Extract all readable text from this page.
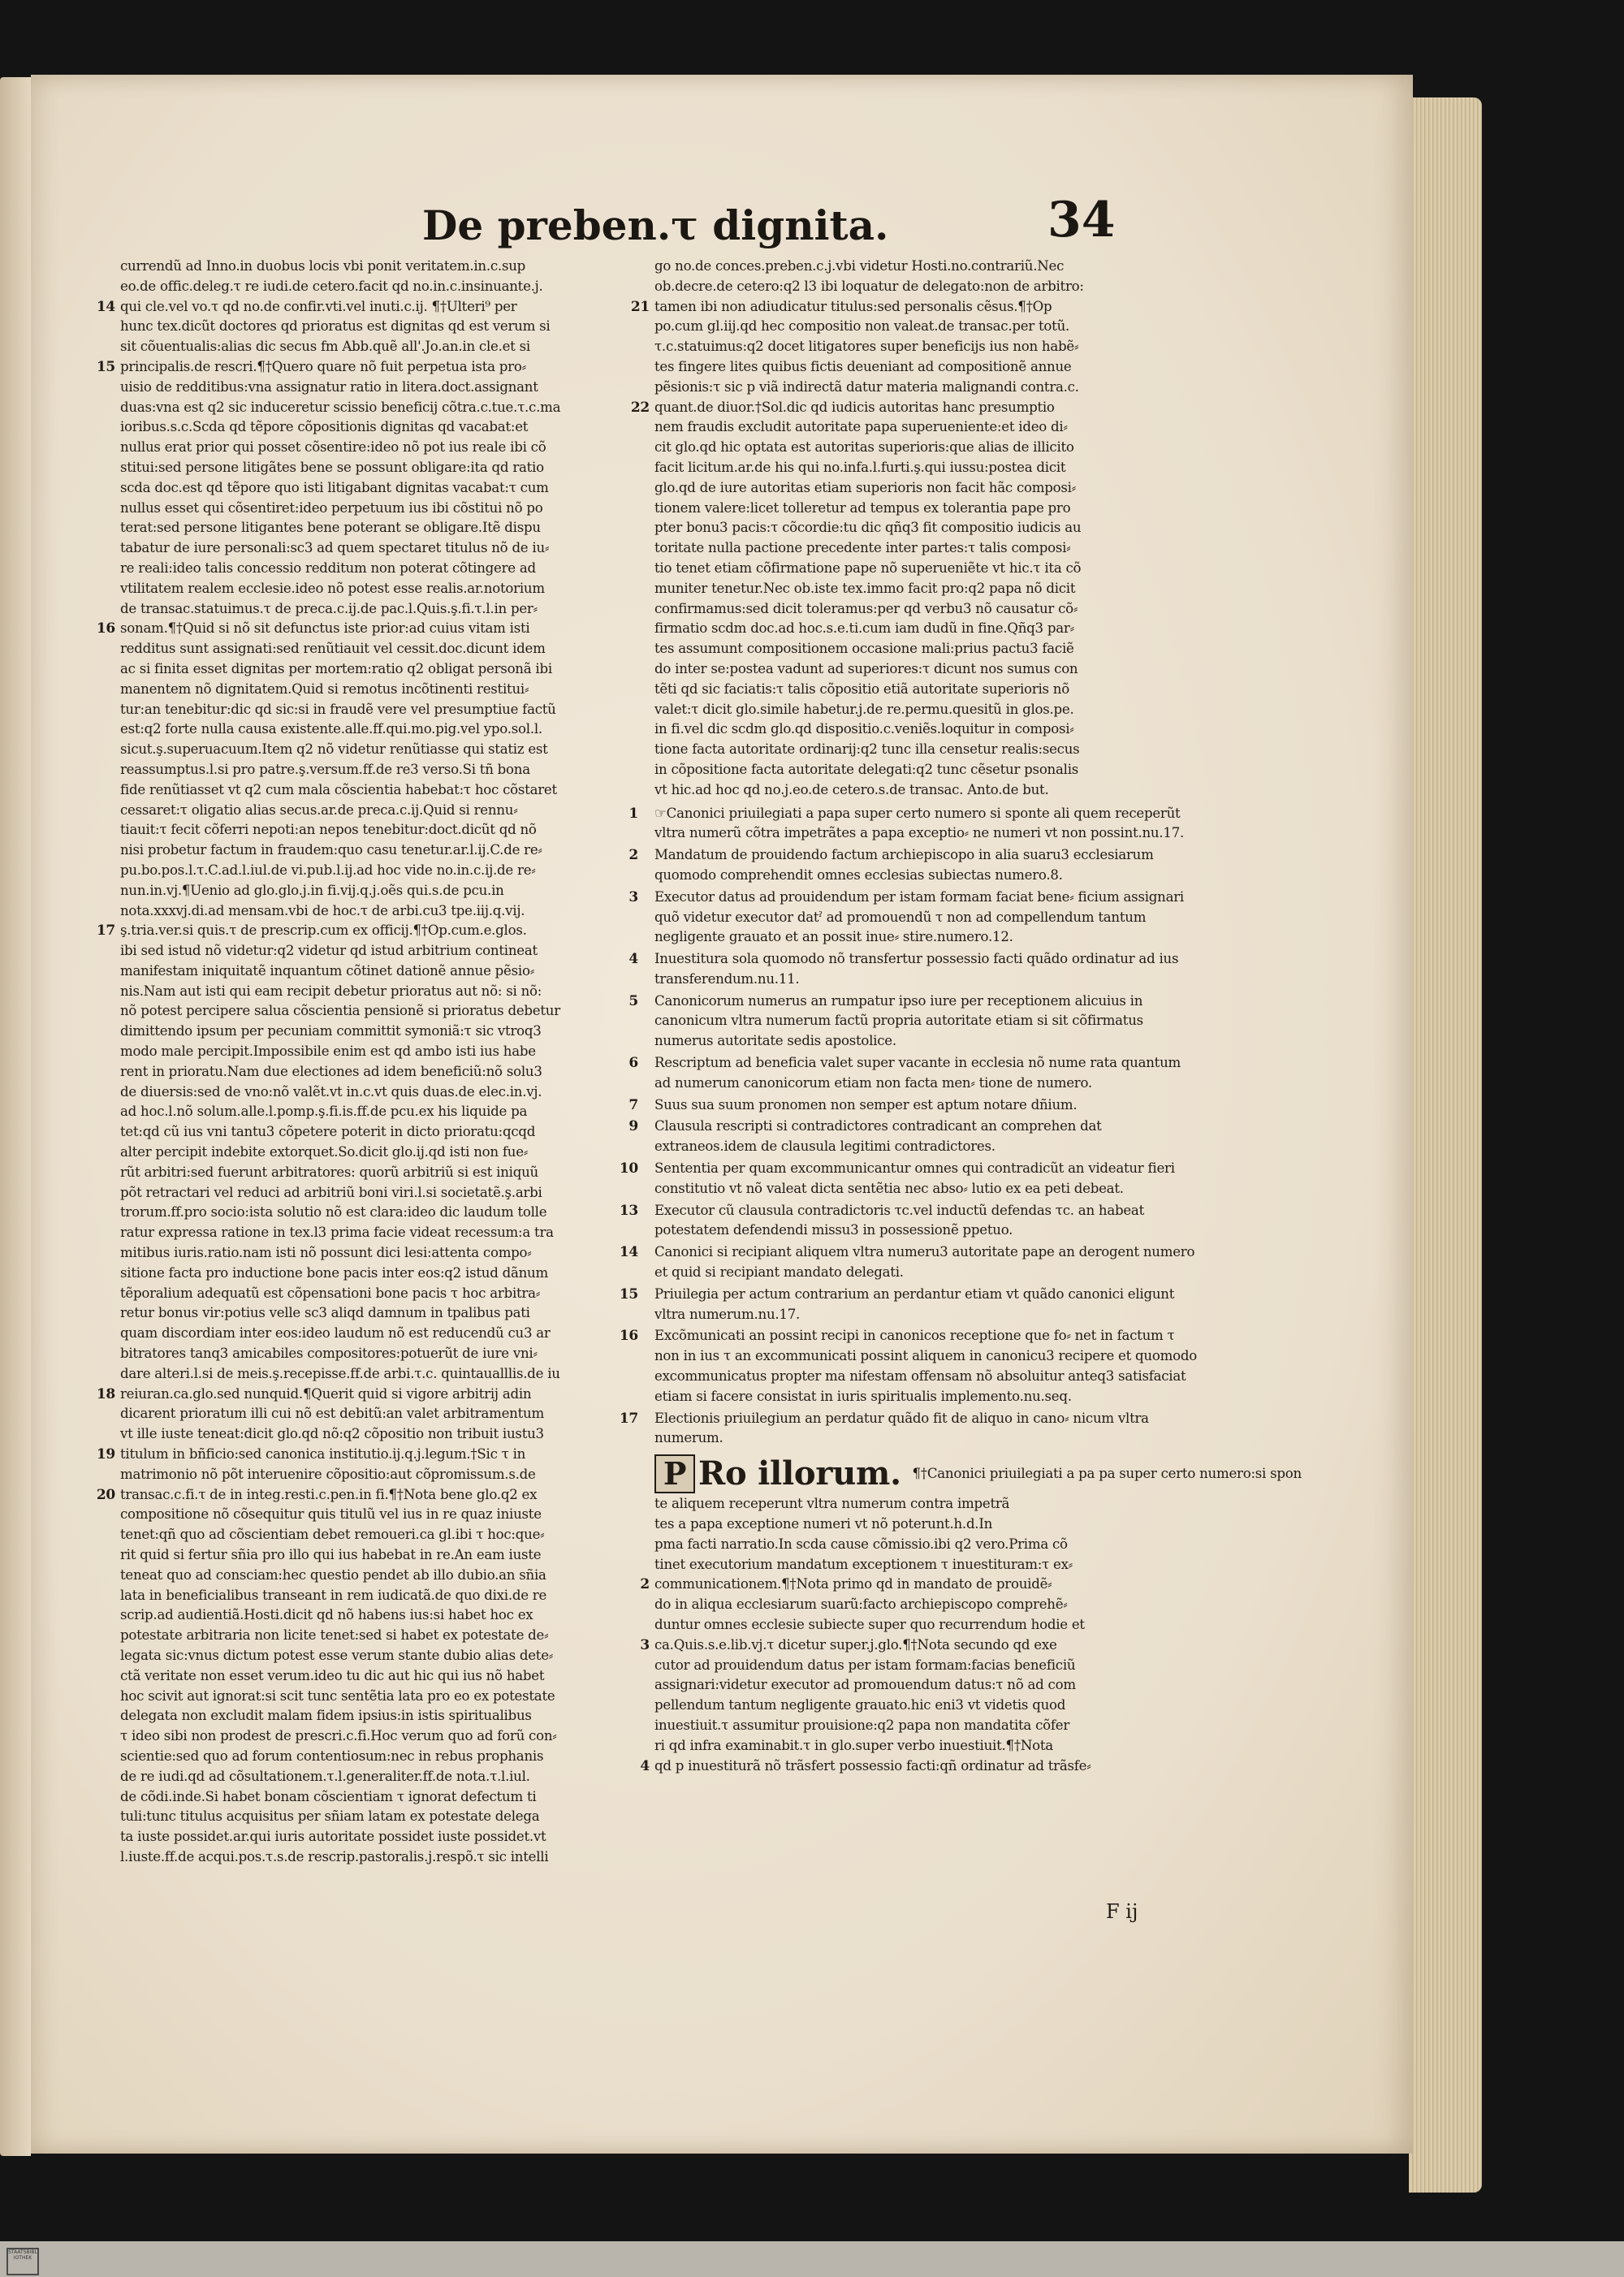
De preben.τ dignita.	34
currendũ ad Inno.in duobus locis vbi ponit veritatem.in.c.sup
eo.de offic.deleg.τ re iudi.de cetero.facit qd no.in.c.insinuante.j.
14 qui cle.vel vo.τ qd no.de confir.vti.vel inuti.c.ij. ¶†Ulteri⁹ per
hunc tex.dicũt doctores qd prioratus est dignitas qd est verum si
sit cõuentualis:alias dic secus fm Abb.quẽ all'.Jo.an.in cle.et si
15 principalis.de rescri.¶†Quero quare nõ fuit perpetua ista pro⸗
uisio de redditibus:vna assignatur ratio in litera.doct.assignant
duas:vna est q2 sic induceretur scissio beneficij cõtra.c.tue.τ.c.ma
ioribus.s.c.Scda qd tẽpore cõpositionis dignitas qd vacabat:et
nullus erat prior qui posset cõsentire:ideo nõ pot ius reale ibi cõ
stitui:sed persone litigãtes bene se possunt obligare:ita qd ratio
scda doc.est qd tẽpore quo isti litigabant dignitas vacabat:τ cum
nullus esset qui cõsentiret:ideo perpetuum ius ibi cõstitui nõ po
terat:sed persone litigantes bene poterant se obligare.Itẽ dispu
tabatur de iure personali:sc3 ad quem spectaret titulus nõ de iu⸗
re reali:ideo talis concessio redditum non poterat cõtingere ad
vtilitatem realem ecclesie.ideo nõ potest esse realis.ar.notorium
de transac.statuimus.τ de preca.c.ij.de pac.l.Quis.ş.fi.τ.l.in per⸗
16 sonam.¶†Quid si nõ sit defunctus iste prior:ad cuius vitam isti
redditus sunt assignati:sed renũtiauit vel cessit.doc.dicunt idem
ac si finita esset dignitas per mortem:ratio q2 obligat personã ibi
manentem nõ dignitatem.Quid si remotus incõtinenti restitui⸗
tur:an tenebitur:dic qd sic:si in fraudẽ vere vel presumptiue factũ
est:q2 forte nulla causa existente.alle.ff.qui.mo.pig.vel ypo.sol.l.
sicut.ş.superuacuum.Item q2 nõ videtur renũtiasse qui statiz est
reassumptus.l.si pro patre.ş.versum.ff.de re3 verso.Si tñ bona
fide renũtiasset vt q2 cum mala cõscientia habebat:τ hoc cõstaret
cessaret:τ oligatio alias secus.ar.de preca.c.ij.Quid si rennu⸗
tiauit:τ fecit cõferri nepoti:an nepos tenebitur:doct.dicũt qd nõ
nisi probetur factum in fraudem:quo casu tenetur.ar.l.ij.C.de re⸗
pu.bo.pos.l.τ.C.ad.l.iul.de vi.pub.l.ij.ad hoc vide no.in.c.ij.de re⸗
nun.in.vj.¶Uenio ad glo.glo.j.in fi.vij.q.j.oẽs qui.s.de pcu.in
nota.xxxvj.di.ad mensam.vbi de hoc.τ de arbi.cu3 tpe.iij.q.vij.
17 ş.tria.ver.si quis.τ de prescrip.cum ex officij.¶†Op.cum.e.glos.
ibi sed istud nõ videtur:q2 videtur qd istud arbitrium contineat
manifestam iniquitatẽ inquantum cõtinet dationẽ annue pẽsio⸗
nis.Nam aut isti qui eam recipit debetur prioratus aut nõ: si nõ:
nõ potest percipere salua cõscientia pensionẽ si prioratus debetur
dimittendo ipsum per pecuniam committit symoniã:τ sic vtroq3
modo male percipit.Impossibile enim est qd ambo isti ius habe
rent in prioratu.Nam due electiones ad idem beneficiũ:nõ solu3
de diuersis:sed de vno:nõ valẽt.vt in.c.vt quis duas.de elec.in.vj.
ad hoc.l.nõ solum.alle.l.pomp.ş.fi.is.ff.de pcu.ex his liquide pa
tet:qd cũ ius vni tantu3 cõpetere poterit in dicto prioratu:qcqd
alter percipit indebite extorquet.So.dicit glo.ij.qd isti non fue⸗
rũt arbitri:sed fuerunt arbitratores: quorũ arbitriũ si est iniquũ
põt retractari vel reduci ad arbitriũ boni viri.l.si societatẽ.ş.arbi
trorum.ff.pro socio:ista solutio nõ est clara:ideo dic laudum tolle
ratur expressa ratione in tex.l3 prima facie videat recessum:a tra
mitibus iuris.ratio.nam isti nõ possunt dici lesi:attenta compo⸗
sitione facta pro inductione bone pacis inter eos:q2 istud dãnum
tẽporalium adequatũ est cõpensationi bone pacis τ hoc arbitra⸗
retur bonus vir:potius velle sc3 aliqd damnum in tpalibus pati
quam discordiam inter eos:ideo laudum nõ est reducendũ cu3 ar
bitratores tanq3 amicabiles compositores:potuerũt de iure vni⸗
dare alteri.l.si de meis.ş.recepisse.ff.de arbi.τ.c. quintaualllis.de iu
18 reiuran.ca.glo.sed nunquid.¶Querit quid si vigore arbitrij adin
dicarent prioratum illi cui nõ est debitũ:an valet arbitramentum
vt ille iuste teneat:dicit glo.qd nõ:q2 cõpositio non tribuit iustu3
19 titulum in bñficio:sed canonica institutio.ij.q.j.legum.†Sic τ in
matrimonio nõ põt interuenire cõpositio:aut cõpromissum.s.de
20 transac.c.fi.τ de in integ.resti.c.pen.in fi.¶†Nota bene glo.q2 ex
compositione nõ cõsequitur quis titulũ vel ius in re quaz iniuste
tenet:qñ quo ad cõscientiam debet remoueri.ca gl.ibi τ hoc:que⸗
rit quid si fertur sñia pro illo qui ius habebat in re.An eam iuste
teneat quo ad consciam:hec questio pendet ab illo dubio.an sñia
lata in beneficialibus transeant in rem iudicatã.de quo dixi.de re
scrip.ad audientiã.Hosti.dicit qd nõ habens ius:si habet hoc ex
potestate arbitraria non licite tenet:sed si habet ex potestate de⸗
legata sic:vnus dictum potest esse verum stante dubio alias dete⸗
ctã veritate non esset verum.ideo tu dic aut hic qui ius nõ habet
hoc scivit aut ignorat:si scit tunc sentẽtia lata pro eo ex potestate
delegata non excludit malam fidem ipsius:in istis spiritualibus
τ ideo sibi non prodest de prescri.c.fi.Hoc verum quo ad forũ con⸗
scientie:sed quo ad forum contentiosum:nec in rebus prophanis
de re iudi.qd ad cõsultationem.τ.l.generaliter.ff.de nota.τ.l.iul.
de cõdi.inde.Si habet bonam cõscientiam τ ignorat defectum ti
tuli:tunc titulus acquisitus per sñiam latam ex potestate delega
ta iuste possidet.ar.qui iuris autoritate possidet iuste possidet.vt
l.iuste.ff.de acqui.pos.τ.s.de rescrip.pastoralis.j.respõ.τ sic intelli
go no.de conces.preben.c.j.vbi videtur Hosti.no.contrariũ.Nec
ob.decre.de cetero:q2 l3 ibi loquatur de delegato:non de arbitro:
21 tamen ibi non adiudicatur titulus:sed personalis cẽsus.¶†Op
po.cum gl.iij.qd hec compositio non valeat.de transac.per totũ.
τ.c.statuimus:q2 docet litigatores super beneficijs ius non habẽ⸗
tes fingere lites quibus fictis deueniant ad compositionẽ annue
pẽsionis:τ sic p viã indirectã datur materia malignandi contra.c.
22 quant.de diuor.†Sol.dic qd iudicis autoritas hanc presumptio
nem fraudis excludit autoritate papa superueniente:et ideo di⸗
cit glo.qd hic optata est autoritas superioris:que alias de illicito
facit licitum.ar.de his qui no.infa.l.furti.ş.qui iussu:postea dicit
glo.qd de iure autoritas etiam superioris non facit hãc composi⸗
tionem valere:licet tolleretur ad tempus ex tolerantia pape pro
pter bonu3 pacis:τ cõcordie:tu dic qñq3 fit compositio iudicis au
toritate nulla pactione precedente inter partes:τ talis composi⸗
tio tenet etiam cõfirmatione pape nõ superueniẽte vt hic.τ ita cõ
muniter tenetur.Nec ob.iste tex.immo facit pro:q2 papa nõ dicit
confirmamus:sed dicit toleramus:per qd verbu3 nõ causatur cõ⸗
firmatio scdm doc.ad hoc.s.e.ti.cum iam dudũ in fine.Qñq3 par⸗
tes assumunt compositionem occasione mali:prius pactu3 faciẽ
do inter se:postea vadunt ad superiores:τ dicunt nos sumus con
tẽti qd sic faciatis:τ talis cõpositio etiã autoritate superioris nõ
valet:τ dicit glo.simile habetur.j.de re.permu.quesitũ in glos.pe.
in fi.vel dic scdm glo.qd dispositio.c.veniẽs.loquitur in composi⸗
tione facta autoritate ordinarij:q2 tunc illa censetur realis:secus
in cõpositione facta autoritate delegati:q2 tunc cẽsetur psonalis
vt hic.ad hoc qd no.j.eo.de cetero.s.de transac. Anto.de but.
1 ☞Canonici priuilegiati a papa super certo numero si sponte ali quem receperũt vltra numerũ cõtra impetrãtes a papa exceptio⸗ ne numeri vt non possint.nu.17.
2 Mandatum de prouidendo factum archiepiscopo in alia suaru3 ecclesiarum quomodo comprehendit omnes ecclesias subiectas numero.8.
3 Executor datus ad prouidendum per istam formam faciat bene⸗ ficium assignari quõ videtur executor datˀ ad promouendũ τ non ad compellendum tantum negligente grauato et an possit inue⸗ stire.numero.12.
4 Inuestitura sola quomodo nõ transfertur possessio facti quãdo ordinatur ad ius transferendum.nu.11.
5 Canonicorum numerus an rumpatur ipso iure per receptionem alicuius in canonicum vltra numerum factũ propria autoritate etiam si sit cõfirmatus numerus autoritate sedis apostolice.
6 Rescriptum ad beneficia valet super vacante in ecclesia nõ nume rata quantum ad numerum canonicorum etiam non facta men⸗ tione de numero.
7 Suus sua suum pronomen non semper est aptum notare dñium.
9 Clausula rescripti si contradictores contradicant an comprehen dat extraneos.idem de clausula legitimi contradictores.
10 Sententia per quam excommunicantur omnes qui contradicũt an videatur fieri constitutio vt nõ valeat dicta sentẽtia nec abso⸗ lutio ex ea peti debeat.
13 Executor cũ clausula contradictoris τc.vel inductũ defendas τc. an habeat potestatem defendendi missu3 in possessionẽ ppetuo.
14 Canonici si recipiant aliquem vltra numeru3 autoritate pape an derogent numero et quid si recipiant mandato delegati.
15 Priuilegia per actum contrarium an perdantur etiam vt quãdo canonici eligunt vltra numerum.nu.17.
16 Excõmunicati an possint recipi in canonicos receptione que fo⸗ net in factum τ non in ius τ an excommunicati possint aliquem in canonicu3 recipere et quomodo excommunicatus propter ma nifestam offensam nõ absoluitur anteq3 satisfaciat etiam si facere consistat in iuris spiritualis implemento.nu.seq.
17 Electionis priuilegium an perdatur quãdo fit de aliquo in cano⸗ nicum vltra numerum.
P Ro illorum. $^{\P\dagger Canonici priuilegiati a pa pa super certo numero:si spon}$
te aliquem receperunt vltra numerum contra impetrã
tes a papa exceptione numeri vt nõ poterunt.h.d.In
pma facti narratio.In scda cause cõmissio.ibi q2 vero.Prima cõ
tinet executorium mandatum exceptionem τ inuestituram:τ ex⸗
2 communicationem.¶†Nota primo qd in mandato de prouidẽ⸗
do in aliqua ecclesiarum suarũ:facto archiepiscopo comprehẽ⸗
duntur omnes ecclesie subiecte super quo recurrendum hodie et
3 ca.Quis.s.e.lib.vj.τ dicetur super.j.glo.¶†Nota secundo qd exe
cutor ad prouidendum datus per istam formam:facias beneficiũ
assignari:videtur executor ad promouendum datus:τ nõ ad com
pellendum tantum negligente grauato.hic eni3 vt videtis quod
inuestiuit.τ assumitur prouisione:q2 papa non mandatita cõfer
ri qd infra examinabit.τ in glo.super verbo inuestiuit.¶†Nota
4 qd p inuestiturã nõ trãsfert possessio facti:qñ ordinatur ad trãsfe⸗
F ij
STAATSBIBLIOTHEK
